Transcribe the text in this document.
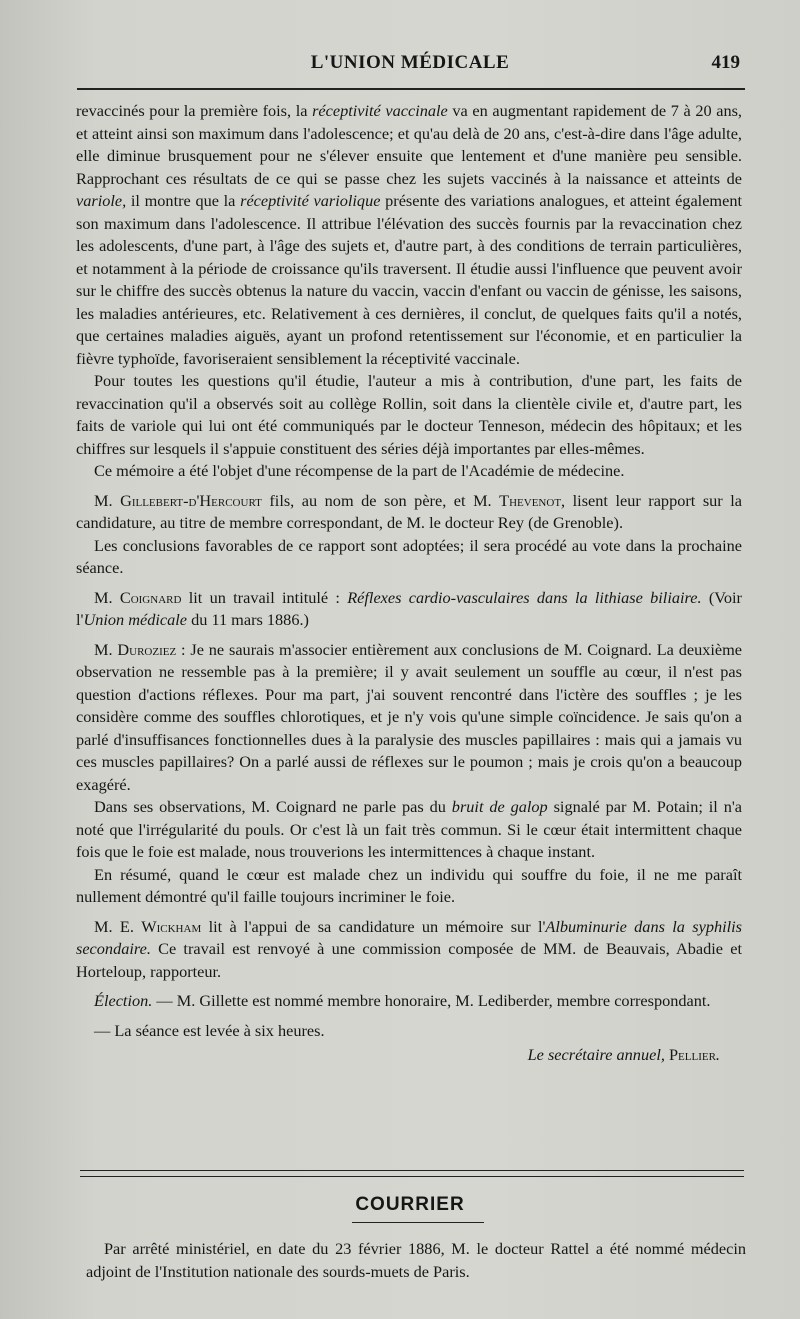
L'UNION MÉDICALE	419

revaccinés pour la première fois, la réceptivité vaccinale va en augmentant rapidement de 7 à 20 ans, et atteint ainsi son maximum dans l'adolescence; et qu'au delà de 20 ans, c'est-à-dire dans l'âge adulte, elle diminue brusquement pour ne s'élever ensuite que lentement et d'une manière peu sensible. Rapprochant ces résultats de ce qui se passe chez les sujets vaccinés à la naissance et atteints de variole, il montre que la réceptivité variolique présente des variations analogues, et atteint également son maximum dans l'adolescence. Il attribue l'élévation des succès fournis par la revaccination chez les adolescents, d'une part, à l'âge des sujets et, d'autre part, à des conditions de terrain particulières, et notamment à la période de croissance qu'ils traversent. Il étudie aussi l'influence que peuvent avoir sur le chiffre des succès obtenus la nature du vaccin, vaccin d'enfant ou vaccin de génisse, les saisons, les maladies antérieures, etc. Relativement à ces dernières, il conclut, de quelques faits qu'il a notés, que certaines maladies aiguës, ayant un profond retentissement sur l'économie, et en particulier la fièvre typhoïde, favoriseraient sensiblement la réceptivité vaccinale.

Pour toutes les questions qu'il étudie, l'auteur a mis à contribution, d'une part, les faits de revaccination qu'il a observés soit au collège Rollin, soit dans la clientèle civile et, d'autre part, les faits de variole qui lui ont été communiqués par le docteur Tenneson, médecin des hôpitaux; et les chiffres sur lesquels il s'appuie constituent des séries déjà importantes par elles-mêmes.

Ce mémoire a été l'objet d'une récompense de la part de l'Académie de médecine.

M. Gillebert-d'Hercourt fils, au nom de son père, et M. Thevenot, lisent leur rapport sur la candidature, au titre de membre correspondant, de M. le docteur Rey (de Grenoble).

Les conclusions favorables de ce rapport sont adoptées; il sera procédé au vote dans la prochaine séance.

M. Coignard lit un travail intitulé : Réflexes cardio-vasculaires dans la lithiase biliaire. (Voir l'Union médicale du 11 mars 1886.)

M. Duroziez : Je ne saurais m'associer entièrement aux conclusions de M. Coignard. La deuxième observation ne ressemble pas à la première; il y avait seulement un souffle au cœur, il n'est pas question d'actions réflexes. Pour ma part, j'ai souvent rencontré dans l'ictère des souffles ; je les considère comme des souffles chlorotiques, et je n'y vois qu'une simple coïncidence. Je sais qu'on a parlé d'insuffisances fonctionnelles dues à la paralysie des muscles papillaires : mais qui a jamais vu ces muscles papillaires? On a parlé aussi de réflexes sur le poumon ; mais je crois qu'on a beaucoup exagéré.

Dans ses observations, M. Coignard ne parle pas du bruit de galop signalé par M. Potain; il n'a noté que l'irrégularité du pouls. Or c'est là un fait très commun. Si le cœur était intermittent chaque fois que le foie est malade, nous trouverions les intermittences à chaque instant.

En résumé, quand le cœur est malade chez un individu qui souffre du foie, il ne me paraît nullement démontré qu'il faille toujours incriminer le foie.

M. E. Wickham lit à l'appui de sa candidature un mémoire sur l'Albuminurie dans la syphilis secondaire. Ce travail est renvoyé à une commission composée de MM. de Beauvais, Abadie et Horteloup, rapporteur.

Élection. — M. Gillette est nommé membre honoraire, M. Lediberder, membre correspondant.

— La séance est levée à six heures.

Le secrétaire annuel, Pellier.
COURRIER

Par arrêté ministériel, en date du 23 février 1886, M. le docteur Rattel a été nommé médecin adjoint de l'Institution nationale des sourds-muets de Paris.
